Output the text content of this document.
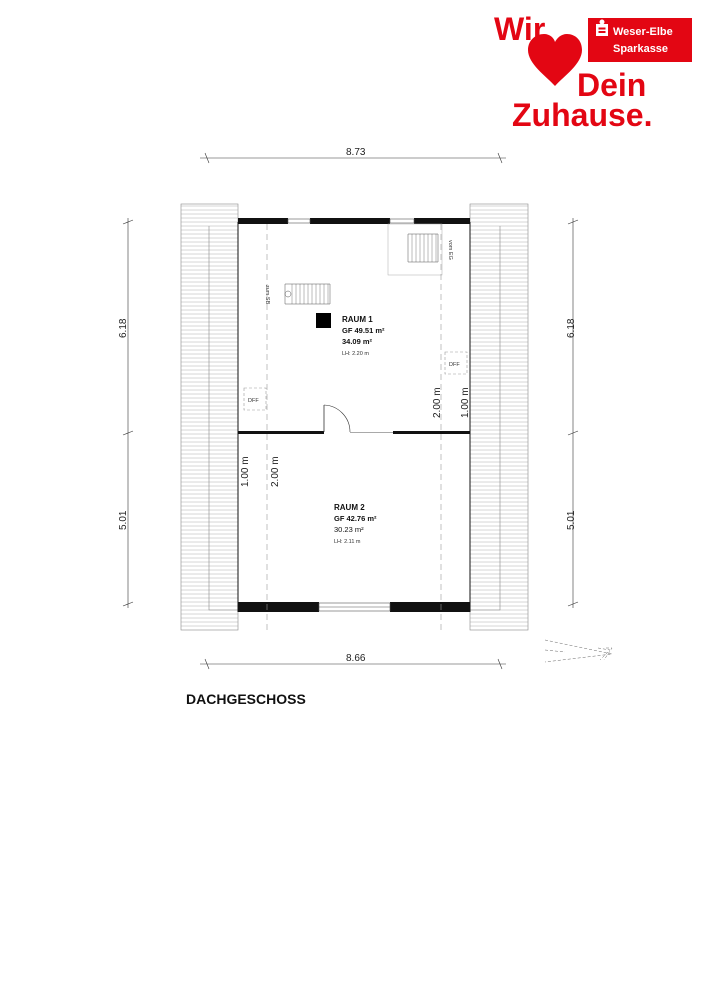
Wir
Dein
Zuhause.
Weser-Elbe
Sparkasse
2.00 m 1.00 m
1.00 m 2.00 m
vom EG
zum SB
DFF
DFF
RAUM 1
GF 49.51 m²
34.09 m²
LH: 2.20 m
RAUM 2
GF 42.76 m²
30.23 m²
LH: 2.11 m
8.73
8.66
6.18
5.01
6.18
5.01
DACHGESCHOSS
